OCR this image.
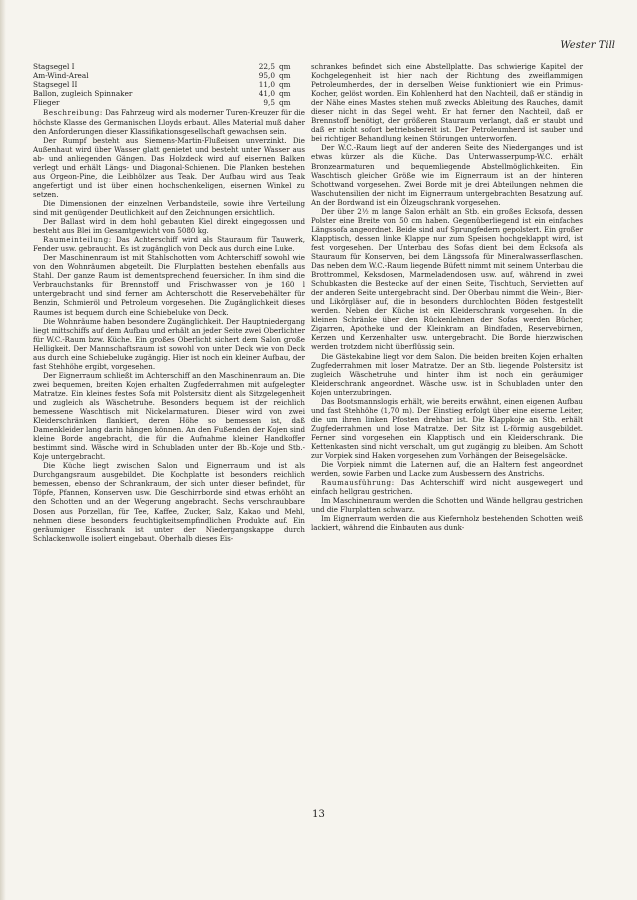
Wester Till
Stagsegel I	22,5	qm
Am-Wind-Areal	95,0	qm
Stagsegel II	11,0	qm
Ballon, zugleich Spinnaker	41,0	qm
Flieger	9,5	qm

Beschreibung: Das Fahrzeug wird als moderner Turen-Kreuzer für die höchste Klasse des Germanischen Lloyds erbaut. Alles Material muß daher den Anforderungen dieser Klassifikationsgesellschaft gewachsen sein.

Der Rumpf besteht aus Siemens-Martin-Flußeisen unverzinkt. Die Außenhaut wird über Wasser glatt genietet und besteht unter Wasser aus ab- und anliegenden Gängen. Das Holzdeck wird auf eisernen Balken verlegt und erhält Längs- und Diagonal-Schienen. Die Planken bestehen aus Orgeon-Pine, die Leibhölzer aus Teak. Der Aufbau wird aus Teak angefertigt und ist über einen hochschenkeligen, eisernen Winkel zu setzen.

Die Dimensionen der einzelnen Verbandsteile, sowie ihre Verteilung sind mit genügender Deutlichkeit auf den Zeichnungen ersichtlich.

Der Ballast wird in dem hohl gebauten Kiel direkt eingegossen und besteht aus Blei im Gesamtgewicht von 5080 kg.

Raumeinteilung: Das Achterschiff wird als Stauraum für Tauwerk, Fender usw. gebraucht. Es ist zugänglich von Deck aus durch eine Luke.

Der Maschinenraum ist mit Stahlschotten vom Achterschiff sowohl wie von den Wohnräumen abgeteilt. Die Flurplatten bestehen ebenfalls aus Stahl. Der ganze Raum ist dementsprechend feuersicher. In ihm sind die Verbrauchstanks für Brennstoff und Frischwasser von je 160 l untergebracht und sind ferner am Achterschott die Reservebehälter für Benzin, Schmieröl und Petroleum vorgesehen. Die Zugänglichkeit dieses Raumes ist bequem durch eine Schiebeluke von Deck.

Die Wohnräume haben besondere Zugänglichkeit. Der Hauptniedergang liegt mittschiffs auf dem Aufbau und erhält an jeder Seite zwei Oberlichter für W.C.-Raum bzw. Küche. Ein großes Oberlicht sichert dem Salon große Helligkeit. Der Mannschaftsraum ist sowohl von unter Deck wie von Deck aus durch eine Schiebeluke zugängig. Hier ist noch ein kleiner Aufbau, der fast Stehhöhe ergibt, vorgesehen.

Der Eignerraum schließt im Achterschiff an den Maschinenraum an. Die zwei bequemen, breiten Kojen erhalten Zugfederrahmen mit aufgelegter Matratze. Ein kleines festes Sofa mit Polstersitz dient als Sitzgelegenheit und zugleich als Wäschetruhe. Besonders bequem ist der reichlich bemessene Waschtisch mit Nickelarmaturen. Dieser wird von zwei Kleiderschränken flankiert, deren Höhe so bemessen ist, daß Damenkleider lang darin hängen können. An den Fußenden der Kojen sind kleine Borde angebracht, die für die Aufnahme kleiner Handkoffer bestimmt sind. Wäsche wird in Schubladen unter der Bb.-Koje und Stb.-Koje untergebracht.

Die Küche liegt zwischen Salon und Eignerraum und ist als Durchgangsraum ausgebildet. Die Kochplatte ist besonders reichlich bemessen, ebenso der Schrankraum, der sich unter dieser befindet, für Töpfe, Pfannen, Konserven usw. Die Geschirrborde sind etwas erhöht an den Schotten und an der Wegerung angebracht. Sechs verschraubbare Dosen aus Porzellan, für Tee, Kaffee, Zucker, Salz, Kakao und Mehl, nehmen diese besonders feuchtigkeitsempfindlichen Produkte auf. Ein geräumiger Eisschrank ist unter der Niedergangskappe durch Schlackenwolle isoliert eingebaut. Oberhalb dieses Eis-

schrankes befindet sich eine Abstellplatte. Das schwierige Kapitel der Kochgelegenheit ist hier nach der Richtung des zweiflammigen Petroleumherdes, der in derselben Weise funktioniert wie ein Primus-Kocher, gelöst worden. Ein Kohlenherd hat den Nachteil, daß er ständig in der Nähe eines Mastes stehen muß zwecks Ableitung des Rauches, damit dieser nicht in das Segel weht. Er hat ferner den Nachteil, daß er Brennstoff benötigt, der größeren Stauraum verlangt, daß er staubt und daß er nicht sofort betriebsbereit ist. Der Petroleumherd ist sauber und bei richtiger Behandlung keinen Störungen unterworfen.

Der W.C.-Raum liegt auf der anderen Seite des Niederganges und ist etwas kürzer als die Küche. Das Unterwasserpump-W.C. erhält Bronzearmaturen und bequemliegende Abstellmöglichkeiten. Ein Waschtisch gleicher Größe wie im Eignerraum ist an der hinteren Schottwand vorgesehen. Zwei Borde mit je drei Abteilungen nehmen die Waschutensilien der nicht im Eignerraum untergebrachten Besatzung auf. An der Bordwand ist ein Ölzeugschrank vorgesehen.

Der über 2½ m lange Salon erhält an Stb. ein großes Ecksofa, dessen Polster eine Breite von 50 cm haben. Gegenüberliegend ist ein einfaches Längssofa angeordnet. Beide sind auf Sprungfedern gepolstert. Ein großer Klapptisch, dessen linke Klappe nur zum Speisen hochgeklappt wird, ist fest vorgesehen. Der Unterbau des Sofas dient bei dem Ecksofa als Stauraum für Konserven, bei dem Längssofa für Mineralwasserflaschen. Das neben dem W.C.-Raum liegende Büfett nimmt mit seinem Unterbau die Brottrommel, Keksdosen, Marmeladendosen usw. auf, während in zwei Schubkasten die Bestecke auf der einen Seite, Tischtuch, Servietten auf der anderen Seite untergebracht sind. Der Oberbau nimmt die Wein-, Bier- und Likörgläser auf, die in besonders durchlochten Böden festgestellt werden. Neben der Küche ist ein Kleiderschrank vorgesehen. In die kleinen Schränke über den Rückenlehnen der Sofas werden Bücher, Zigarren, Apotheke und der Kleinkram an Bindfaden, Reservebirnen, Kerzen und Kerzenhalter usw. untergebracht. Die Borde hierzwischen werden trotzdem nicht überflüssig sein.

Die Gästekabine liegt vor dem Salon. Die beiden breiten Kojen erhalten Zugfederrahmen mit loser Matratze. Der an Stb. liegende Polstersitz ist zugleich Wäschetruhe und hinter ihm ist noch ein geräumiger Kleiderschrank angeordnet. Wäsche usw. ist in Schubladen unter den Kojen unterzubringen.

Das Bootsmannslogis erhält, wie bereits erwähnt, einen eigenen Aufbau und fast Stehhöhe (1,70 m). Der Einstieg erfolgt über eine eiserne Leiter, die um ihren linken Pfosten drehbar ist. Die Klappkoje an Stb. erhält Zugfederrahmen und lose Matratze. Der Sitz ist L-förmig ausgebildet. Ferner sind vorgesehen ein Klapptisch und ein Kleiderschrank. Die Kettenkasten sind nicht verschalt, um gut zugängig zu bleiben. Am Schott zur Vorpiek sind Haken vorgesehen zum Vorhängen der Beisegelsäcke.

Die Vorpiek nimmt die Laternen auf, die an Haltern fest angeordnet werden, sowie Farben und Lacke zum Ausbessern des Anstrichs.

Raumausführung: Das Achterschiff wird nicht ausgewegert und einfach hellgrau gestrichen.

Im Maschinenraum werden die Schotten und Wände hellgrau gestrichen und die Flurplatten schwarz.

Im Eignerraum werden die aus Kiefernholz bestehenden Schotten weiß lackiert, während die Einbauten aus dunk-

13
